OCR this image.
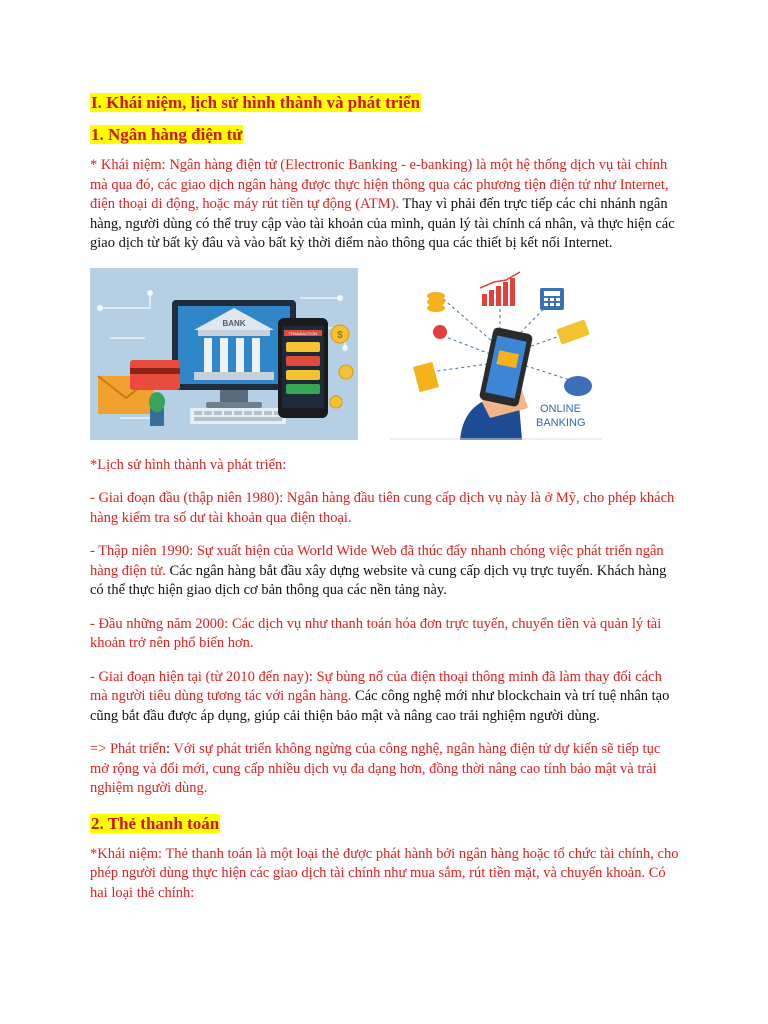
I. Khái niệm, lịch sử hình thành và phát triển
1. Ngân hàng điện tử

* Khái niệm: Ngân hàng điện tử (Electronic Banking - e-banking) là một hệ thống dịch vụ tài chính mà qua đó, các giao dịch ngân hàng được thực hiện thông qua các phương tiện điện tử như Internet, điện thoại di động, hoặc máy rút tiền tự động (ATM). Thay vì phải đến trực tiếp các chi nhánh ngân hàng, người dùng có thể truy cập vào tài khoản của mình, quản lý tài chính cá nhân, và thực hiện các giao dịch từ bất kỳ đâu và vào bất kỳ thời điểm nào thông qua các thiết bị kết nối Internet.

BANK
TRANSACTION $
ONLINE
BANKING

*Lịch sử hình thành và phát triển:

- Giai đoạn đầu (thập niên 1980): Ngân hàng đầu tiên cung cấp dịch vụ này là ở Mỹ, cho phép khách hàng kiểm tra số dư tài khoản qua điện thoại.

- Thập niên 1990: Sự xuất hiện của World Wide Web đã thúc đẩy nhanh chóng việc phát triển ngân hàng điện tử. Các ngân hàng bắt đầu xây dựng website và cung cấp dịch vụ trực tuyến. Khách hàng có thể thực hiện giao dịch cơ bản thông qua các nền tảng này.

- Đầu những năm 2000: Các dịch vụ như thanh toán hóa đơn trực tuyến, chuyển tiền và quản lý tài khoản trở nên phổ biến hơn.

- Giai đoạn hiện tại (từ 2010 đến nay): Sự bùng nổ của điện thoại thông minh đã làm thay đổi cách mà người tiêu dùng tương tác với ngân hàng. Các công nghệ mới như blockchain và trí tuệ nhân tạo cũng bắt đầu được áp dụng, giúp cải thiện bảo mật và nâng cao trải nghiệm người dùng.

=> Phát triển: Với sự phát triển không ngừng của công nghệ, ngân hàng điện tử dự kiến sẽ tiếp tục mở rộng và đổi mới, cung cấp nhiều dịch vụ đa dạng hơn, đồng thời nâng cao tính bảo mật và trải nghiệm người dùng.

2. Thẻ thanh toán

*Khái niệm: Thẻ thanh toán là một loại thẻ được phát hành bởi ngân hàng hoặc tổ chức tài chính, cho phép người dùng thực hiện các giao dịch tài chính như mua sắm, rút tiền mặt, và chuyển khoản. Có hai loại thẻ chính:
